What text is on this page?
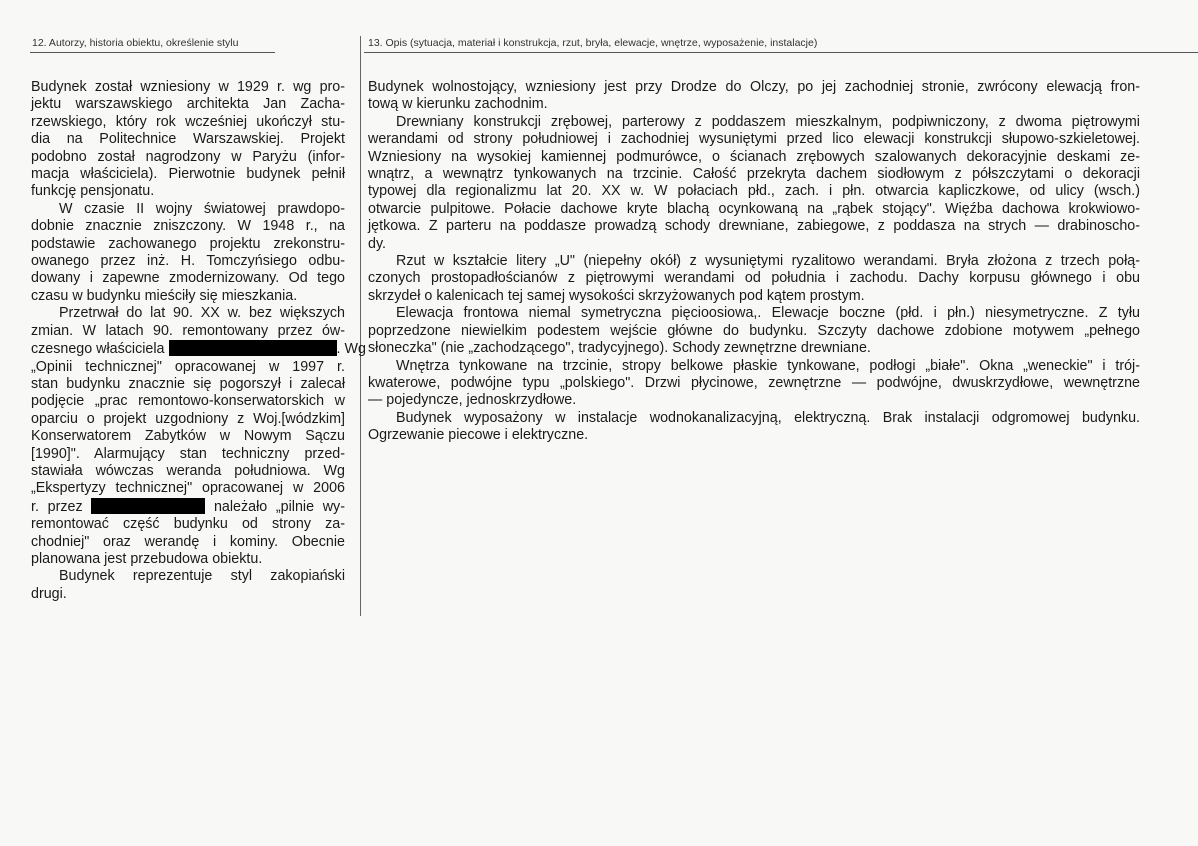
12. Autorzy, historia obiektu, określenie stylu	13. Opis (sytuacja, materiał i konstrukcja, rzut, bryła, elewacje, wnętrze, wyposażenie, instalacje)
Budynek został wzniesiony w 1929 r. wg pro-
jektu warszawskiego architekta Jan Zacha-
rzewskiego, który rok wcześniej ukończył stu-
dia na Politechnice Warszawskiej. Projekt
podobno został nagrodzony w Paryżu (infor-
macja właściciela). Pierwotnie budynek pełnił
funkcję pensjonatu.
W czasie II wojny światowej prawdopo-
dobnie znacznie zniszczony. W 1948 r., na
podstawie zachowanego projektu zrekonstru-
owanego przez inż. H. Tomczyńsiego odbu-
dowany i zapewne zmodernizowany. Od tego
czasu w budynku mieściły się mieszkania.
Przetrwał do lat 90. XX w. bez większych
zmian. W latach 90. remontowany przez ów-
czesnego właściciela	. Wg
„Opinii technicznej" opracowanej w 1997 r.
stan budynku znacznie się pogorszył i zalecał
podjęcie „prac remontowo-konserwatorskich w
oparciu o projekt uzgodniony z Woj.[wódzkim]
Konserwatorem Zabytków w Nowym Sączu
[1990]". Alarmujący stan techniczny przed-
stawiała wówczas weranda południowa. Wg
„Ekspertyzy technicznej" opracowanej w 2006
r. przez	należało „pilnie wy-
remontować część budynku od strony za-
chodniej" oraz werandę i kominy. Obecnie
planowana jest przebudowa obiektu.
Budynek reprezentuje styl zakopiański
drugi.
Budynek wolnostojący, wzniesiony jest przy Drodze do Olczy, po jej zachodniej stronie, zwrócony elewacją fron-
tową w kierunku zachodnim.
Drewniany konstrukcji zrębowej, parterowy z poddaszem mieszkalnym, podpiwniczony, z dwoma piętrowymi
werandami od strony południowej i zachodniej wysuniętymi przed lico elewacji konstrukcji słupowo-szkieletowej.
Wzniesiony na wysokiej kamiennej podmurówce, o ścianach zrębowych szalowanych dekoracyjnie deskami ze-
wnątrz, a wewnątrz tynkowanych na trzcinie. Całość przekryta dachem siodłowym z półszczytami o dekoracji
typowej dla regionalizmu lat 20. XX w. W połaciach płd., zach. i płn. otwarcia kapliczkowe, od ulicy (wsch.)
otwarcie pulpitowe. Połacie dachowe kryte blachą ocynkowaną na „rąbek stojący". Więźba dachowa krokwiowo-
jętkowa. Z parteru na poddasze prowadzą schody drewniane, zabiegowe, z poddasza na strych — drabinoscho-
dy.
Rzut w kształcie litery „U" (niepełny okół) z wysuniętymi ryzalitowo werandami. Bryła złożona z trzech połą-
czonych prostopadłościanów z piętrowymi werandami od południa i zachodu. Dachy korpusu głównego i obu
skrzydeł o kalenicach tej samej wysokości skrzyżowanych pod kątem prostym.
Elewacja frontowa niemal symetryczna pięcioosiowa,. Elewacje boczne (płd. i płn.) niesymetryczne. Z tyłu
poprzedzone niewielkim podestem wejście główne do budynku. Szczyty dachowe zdobione motywem „pełnego
słoneczka" (nie „zachodzącego", tradycyjnego). Schody zewnętrzne drewniane.
Wnętrza tynkowane na trzcinie, stropy belkowe płaskie tynkowane, podłogi „białe". Okna „weneckie" i trój-
kwaterowe, podwójne typu „polskiego". Drzwi płycinowe, zewnętrzne — podwójne, dwuskrzydłowe, wewnętrzne
— pojedyncze, jednoskrzydłowe.
Budynek wyposażony w instalacje wodnokanalizacyjną, elektryczną. Brak instalacji odgromowej budynku.
Ogrzewanie piecowe i elektryczne.
